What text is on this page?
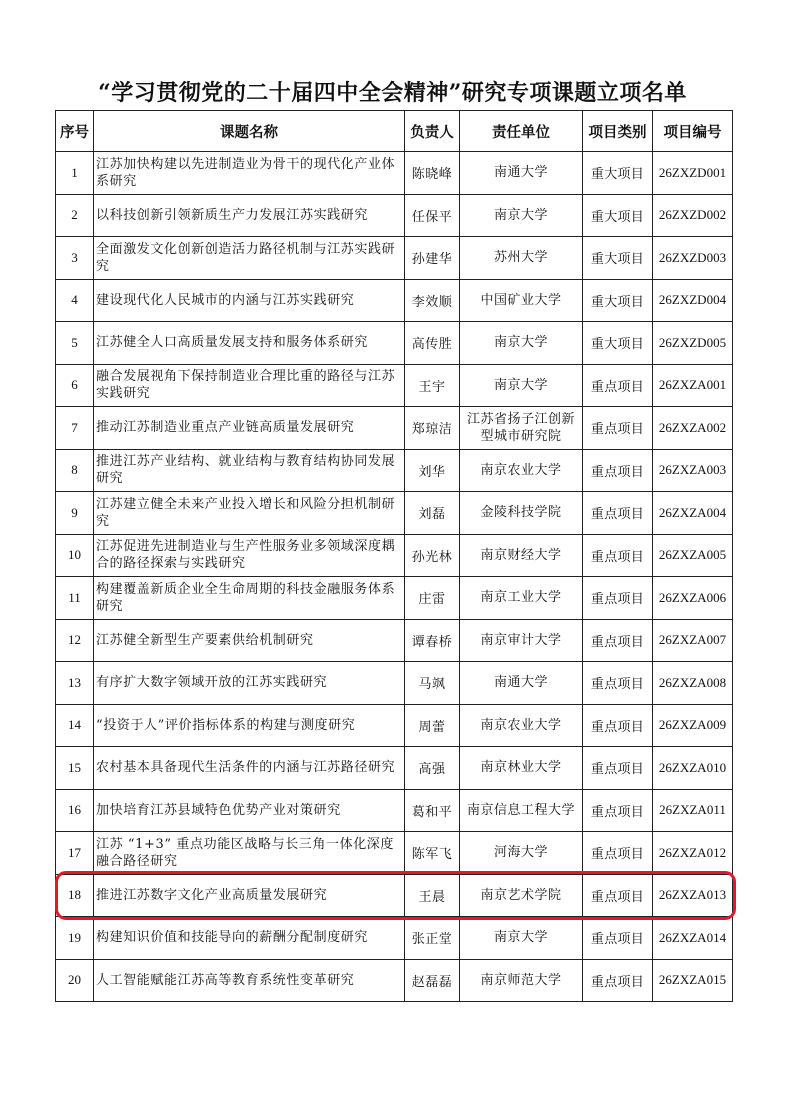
“学习贯彻党的二十届四中全会精神”研究专项课题立项名单
序号	课题名称	负责人	责任单位	项目类别	项目编号
1	江苏加快构建以先进制造业为骨干的现代化产业体系研究	陈晓峰	南通大学	重大项目	26ZXZD001
2	以科技创新引领新质生产力发展江苏实践研究	任保平	南京大学	重大项目	26ZXZD002
3	全面激发文化创新创造活力路径机制与江苏实践研究	孙建华	苏州大学	重大项目	26ZXZD003
4	建设现代化人民城市的内涵与江苏实践研究	李效顺	中国矿业大学	重大项目	26ZXZD004
5	江苏健全人口高质量发展支持和服务体系研究	高传胜	南京大学	重大项目	26ZXZD005
6	融合发展视角下保持制造业合理比重的路径与江苏实践研究	王宇	南京大学	重点项目	26ZXZA001
7	推动江苏制造业重点产业链高质量发展研究	郑琼洁	江苏省扬子江创新型城市研究院	重点项目	26ZXZA002
8	推进江苏产业结构、就业结构与教育结构协同发展研究	刘华	南京农业大学	重点项目	26ZXZA003
9	江苏建立健全未来产业投入增长和风险分担机制研究	刘磊	金陵科技学院	重点项目	26ZXZA004
10	江苏促进先进制造业与生产性服务业多领域深度耦合的路径探索与实践研究	孙光林	南京财经大学	重点项目	26ZXZA005
11	构建覆盖新质企业全生命周期的科技金融服务体系研究	庄雷	南京工业大学	重点项目	26ZXZA006
12	江苏健全新型生产要素供给机制研究	谭春桥	南京审计大学	重点项目	26ZXZA007
13	有序扩大数字领域开放的江苏实践研究	马飒	南通大学	重点项目	26ZXZA008
14	“投资于人”评价指标体系的构建与测度研究	周蕾	南京农业大学	重点项目	26ZXZA009
15	农村基本具备现代生活条件的内涵与江苏路径研究	高强	南京林业大学	重点项目	26ZXZA010
16	加快培育江苏县域特色优势产业对策研究	葛和平	南京信息工程大学	重点项目	26ZXZA011
17	江苏 “1+3” 重点功能区战略与长三角一体化深度融合路径研究	陈军飞	河海大学	重点项目	26ZXZA012
18	推进江苏数字文化产业高质量发展研究	王晨	南京艺术学院	重点项目	26ZXZA013
19	构建知识价值和技能导向的薪酬分配制度研究	张正堂	南京大学	重点项目	26ZXZA014
20	人工智能赋能江苏高等教育系统性变革研究	赵磊磊	南京师范大学	重点项目	26ZXZA015
